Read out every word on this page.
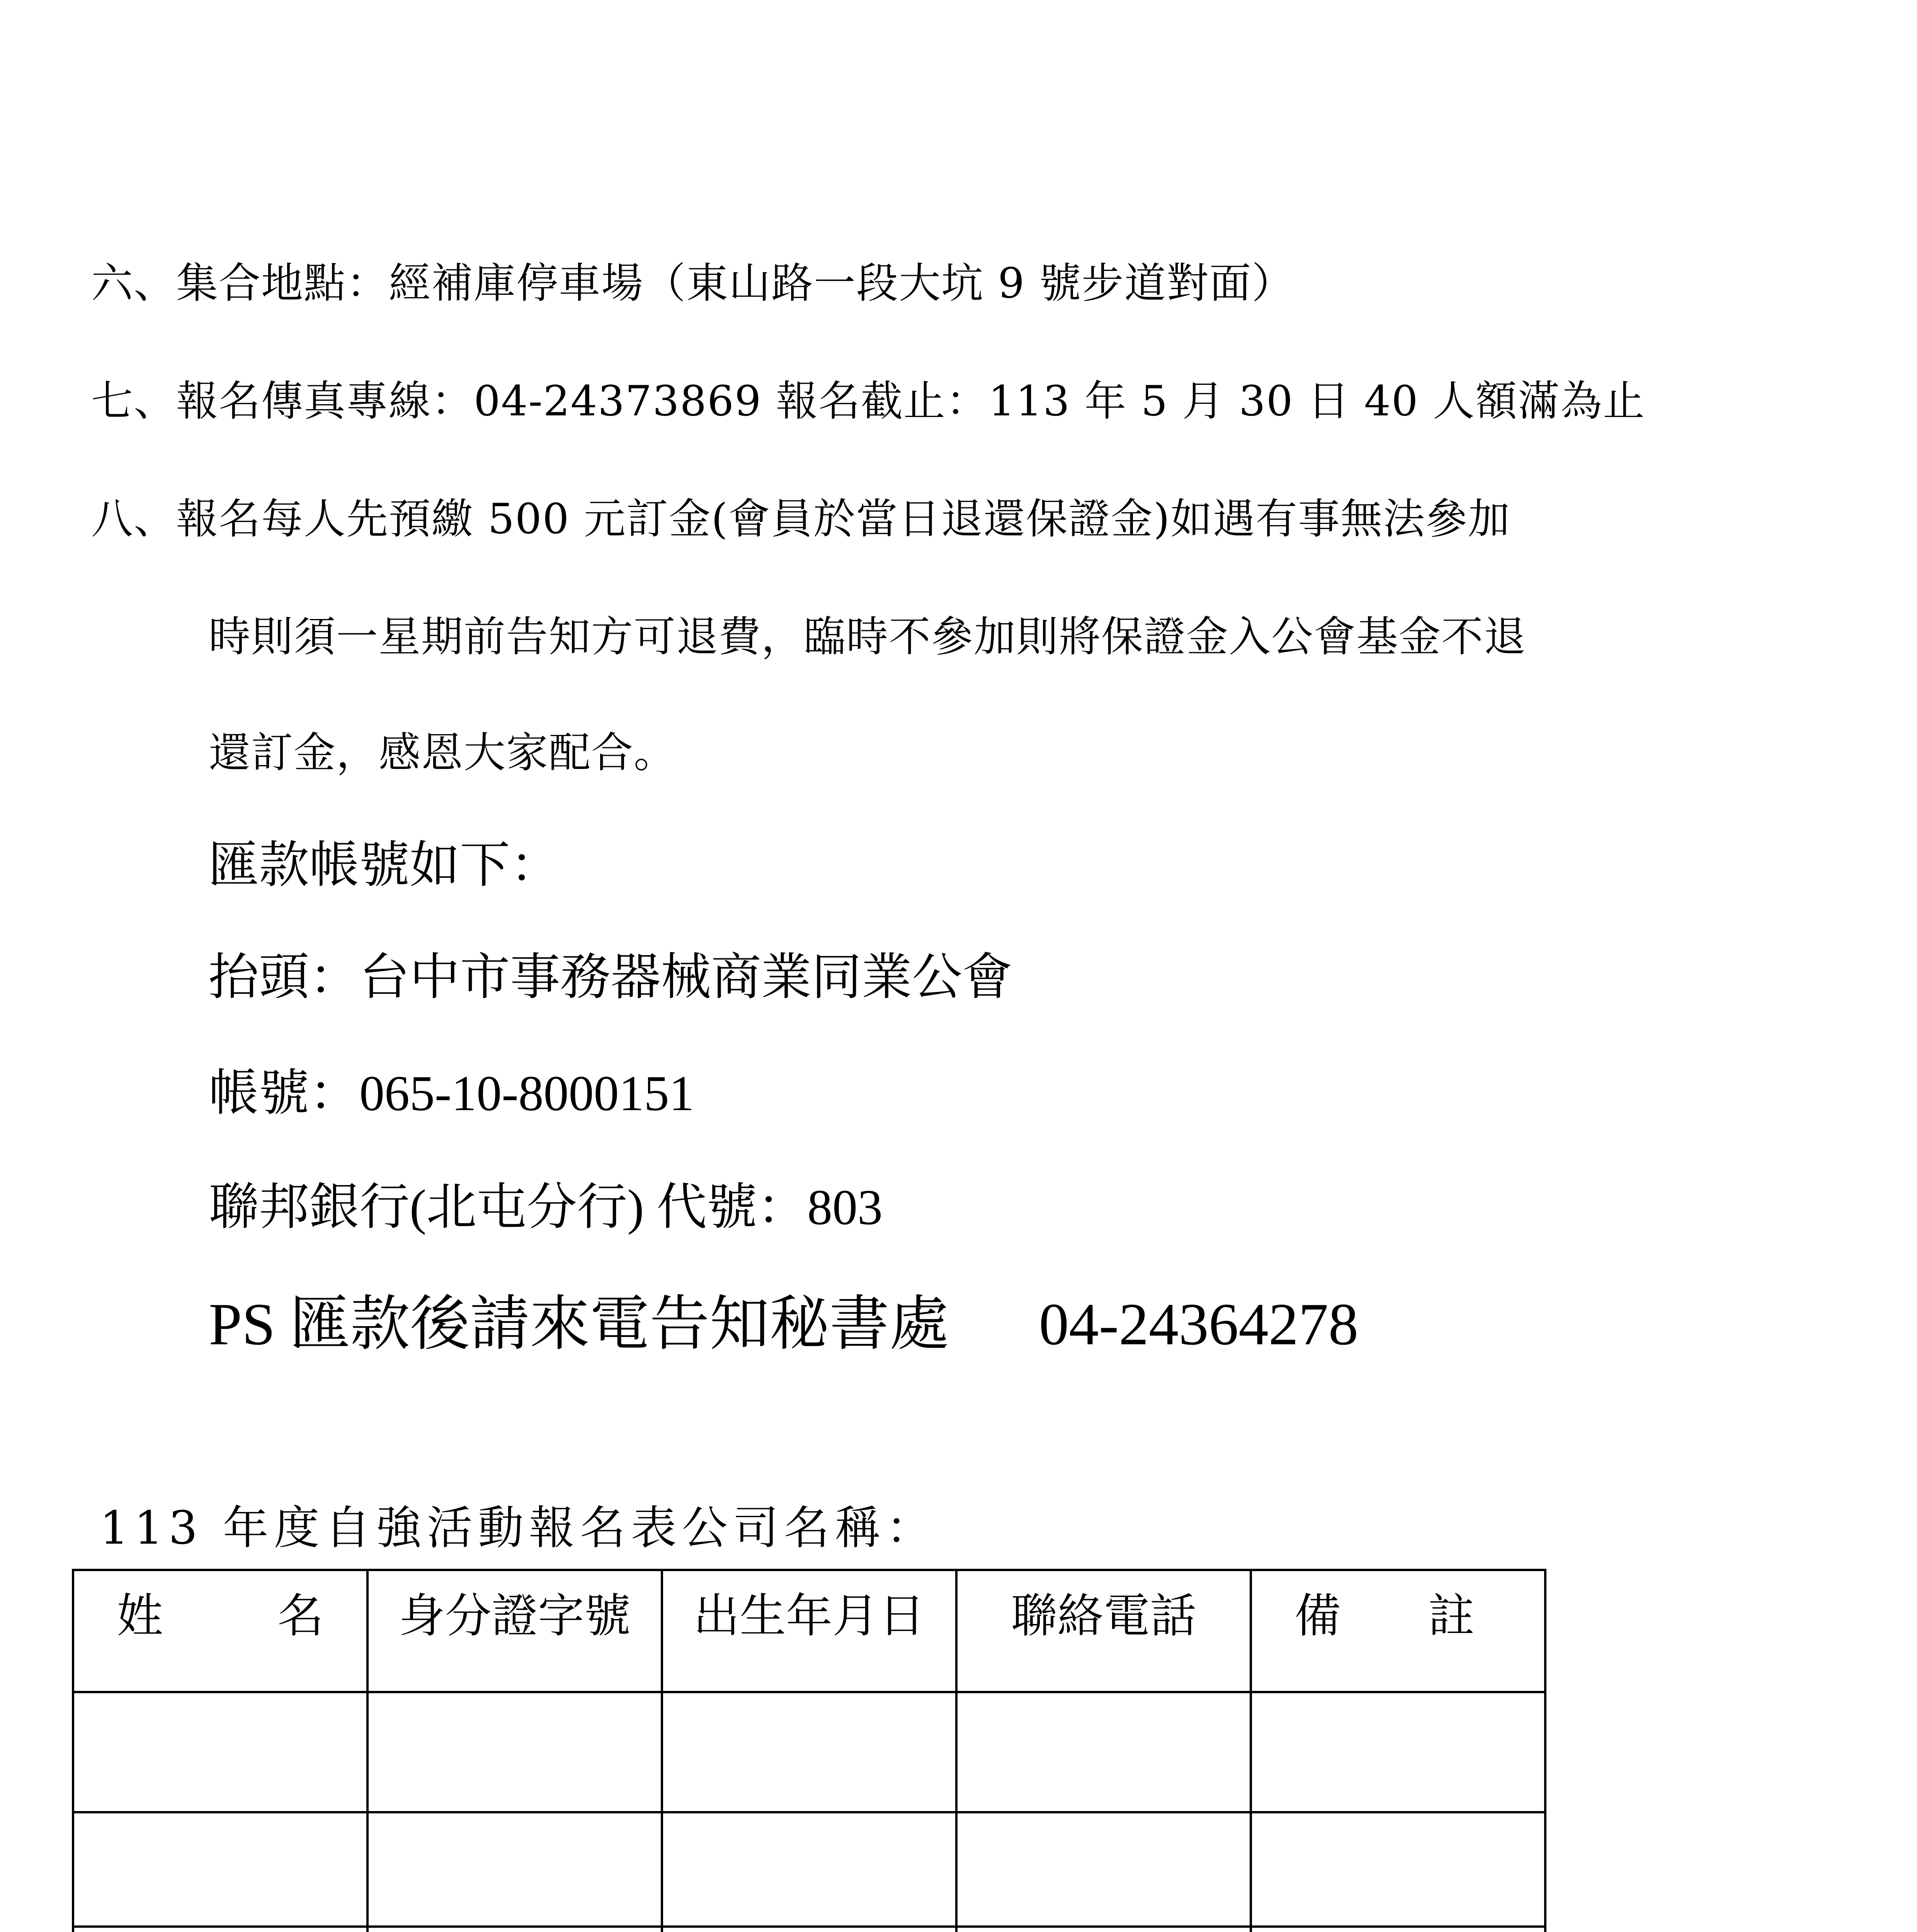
六、集合地點：經補庫停車場（東山路一段大坑 9 號步道對面）
七、報名傳真專線：04-24373869 報名截止：113 年 5 月 30 日 40 人額滿為止
八、報名每人先預繳 500 元訂金(會員於當日退還保證金)如遇有事無法參加
時則須一星期前告知方可退費，臨時不參加則將保證金入公會基金不退
還訂金，感恩大家配合。
匯款帳號如下：
抬頭：台中市事務器械商業同業公會
帳號：065-10-8000151
聯邦銀行(北屯分行) 代號：803
PS 匯款後請來電告知秘書處      04-24364278
113 年度自強活動報名表公司名稱：
姓 名	身分證字號	出生年月日	聯絡電話	備 註
